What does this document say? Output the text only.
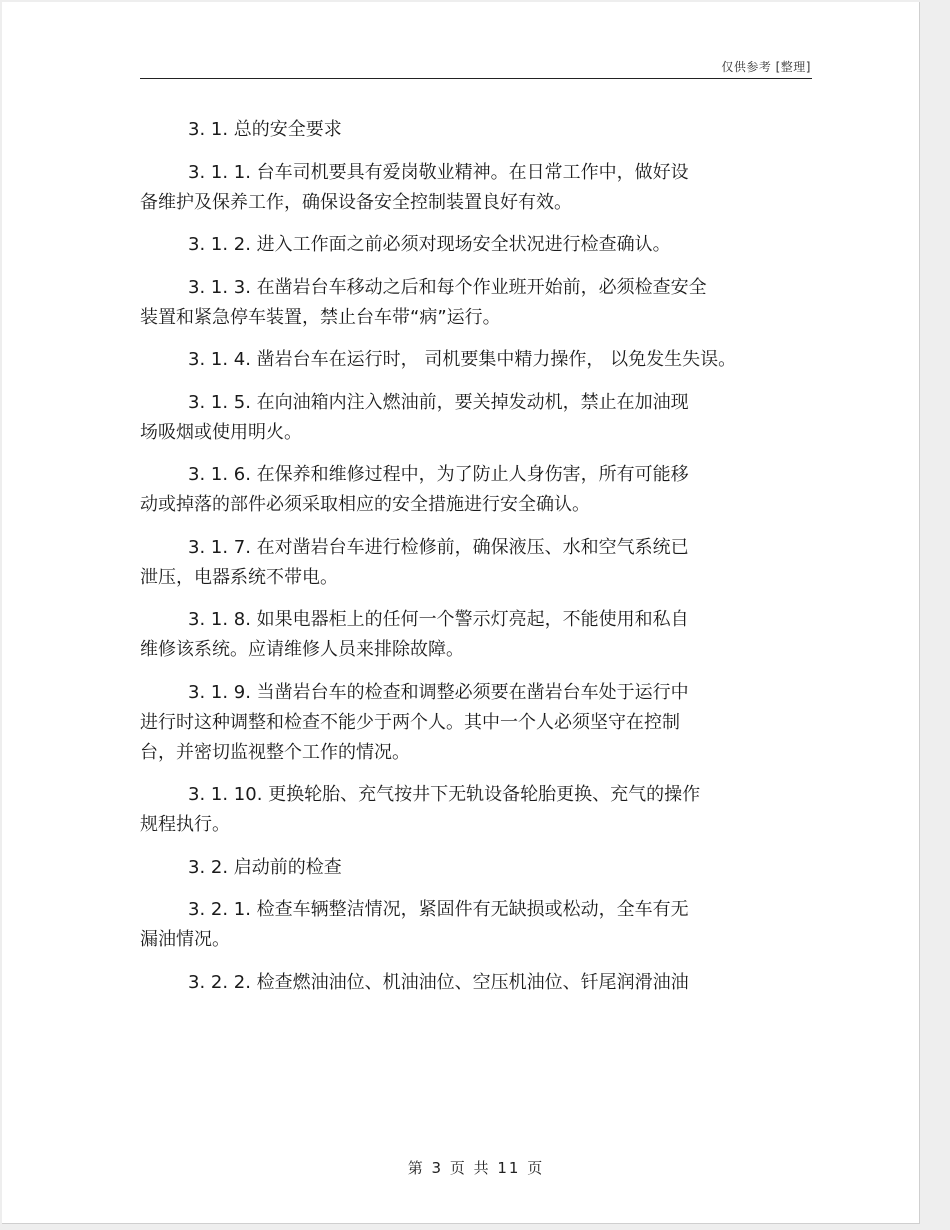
仅供参考 [整理]
3. 1. 总的安全要求
3. 1. 1. 台车司机要具有爱岗敬业精神。在日常工作中，做好设
备维护及保养工作，确保设备安全控制装置良好有效。
3. 1. 2. 进入工作面之前必须对现场安全状况进行检查确认。
3. 1. 3. 在凿岩台车移动之后和每个作业班开始前，必须检查安全
装置和紧急停车装置，禁止台车带“病”运行。
3. 1. 4. 凿岩台车在运行时， 司机要集中精力操作， 以免发生失误。
3. 1. 5. 在向油箱内注入燃油前，要关掉发动机，禁止在加油现
场吸烟或使用明火。
3. 1. 6. 在保养和维修过程中，为了防止人身伤害，所有可能移
动或掉落的部件必须采取相应的安全措施进行安全确认。
3. 1. 7. 在对凿岩台车进行检修前，确保液压、水和空气系统已
泄压，电器系统不带电。
3. 1. 8. 如果电器柜上的任何一个警示灯亮起，不能使用和私自
维修该系统。应请维修人员来排除故障。
3. 1. 9. 当凿岩台车的检查和调整必须要在凿岩台车处于运行中
进行时这种调整和检查不能少于两个人。其中一个人必须坚守在控制
台，并密切监视整个工作的情况。
3. 1. 10. 更换轮胎、充气按井下无轨设备轮胎更换、充气的操作
规程执行。
3. 2. 启动前的检查
3. 2. 1. 检查车辆整洁情况，紧固件有无缺损或松动，全车有无
漏油情况。
3. 2. 2. 检查燃油油位、机油油位、空压机油位、钎尾润滑油油
第 3 页 共 11 页
